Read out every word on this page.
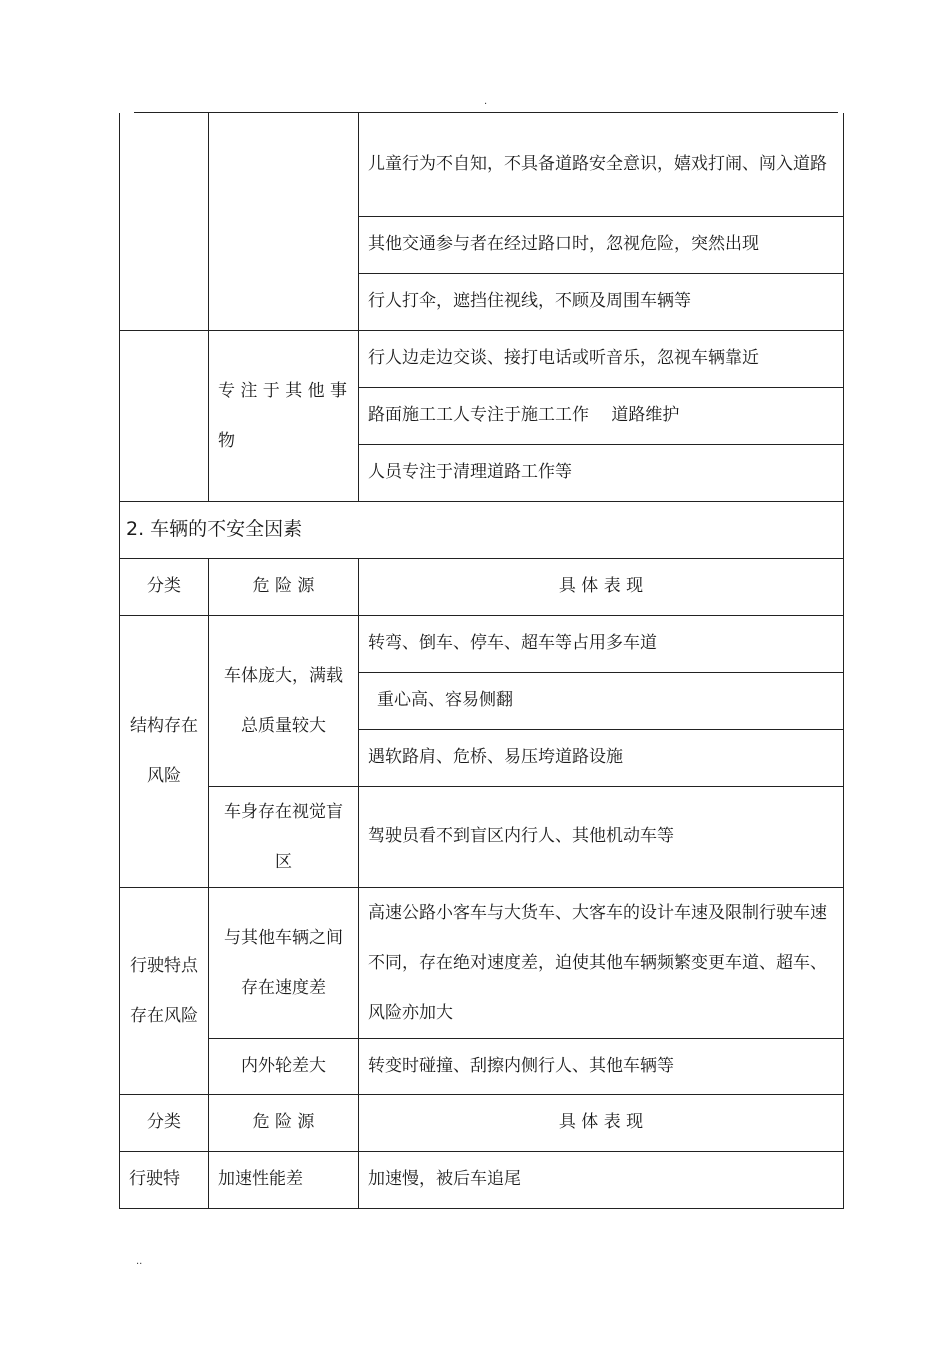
.
		儿童行为不自知，不具备道路安全意识，嬉戏打闹、闯入道路
		其他交通参与者在经过路口时，忽视危险，突然出现
		行人打伞，遮挡住视线，不顾及周围车辆等
	专 注 于 其 他 事 物	行人边走边交谈、接打电话或听音乐，忽视车辆靠近
		路面施工工人专注于施工工作　 道路维护
		人员专注于清理道路工作等
2. 车辆的不安全因素		
分类	危 险 源	具 体 表 现
结构存在风险	车体庞大，满载总质量较大	转弯、倒车、停车、超车等占用多车道
		重心高、容易侧翻
		遇软路肩、危桥、易压垮道路设施
	车身存在视觉盲区	驾驶员看不到盲区内行人、其他机动车等
行驶特点存在风险	与其他车辆之间存在速度差	高速公路小客车与大货车、大客车的设计车速及限制行驶车速不同，存在绝对速度差，迫使其他车辆频繁变更车道、超车、风险亦加大
	内外轮差大	转变时碰撞、刮擦内侧行人、其他车辆等
分类	危 险 源	具 体 表 现
行驶特	加速性能差	加速慢，被后车追尾
..
